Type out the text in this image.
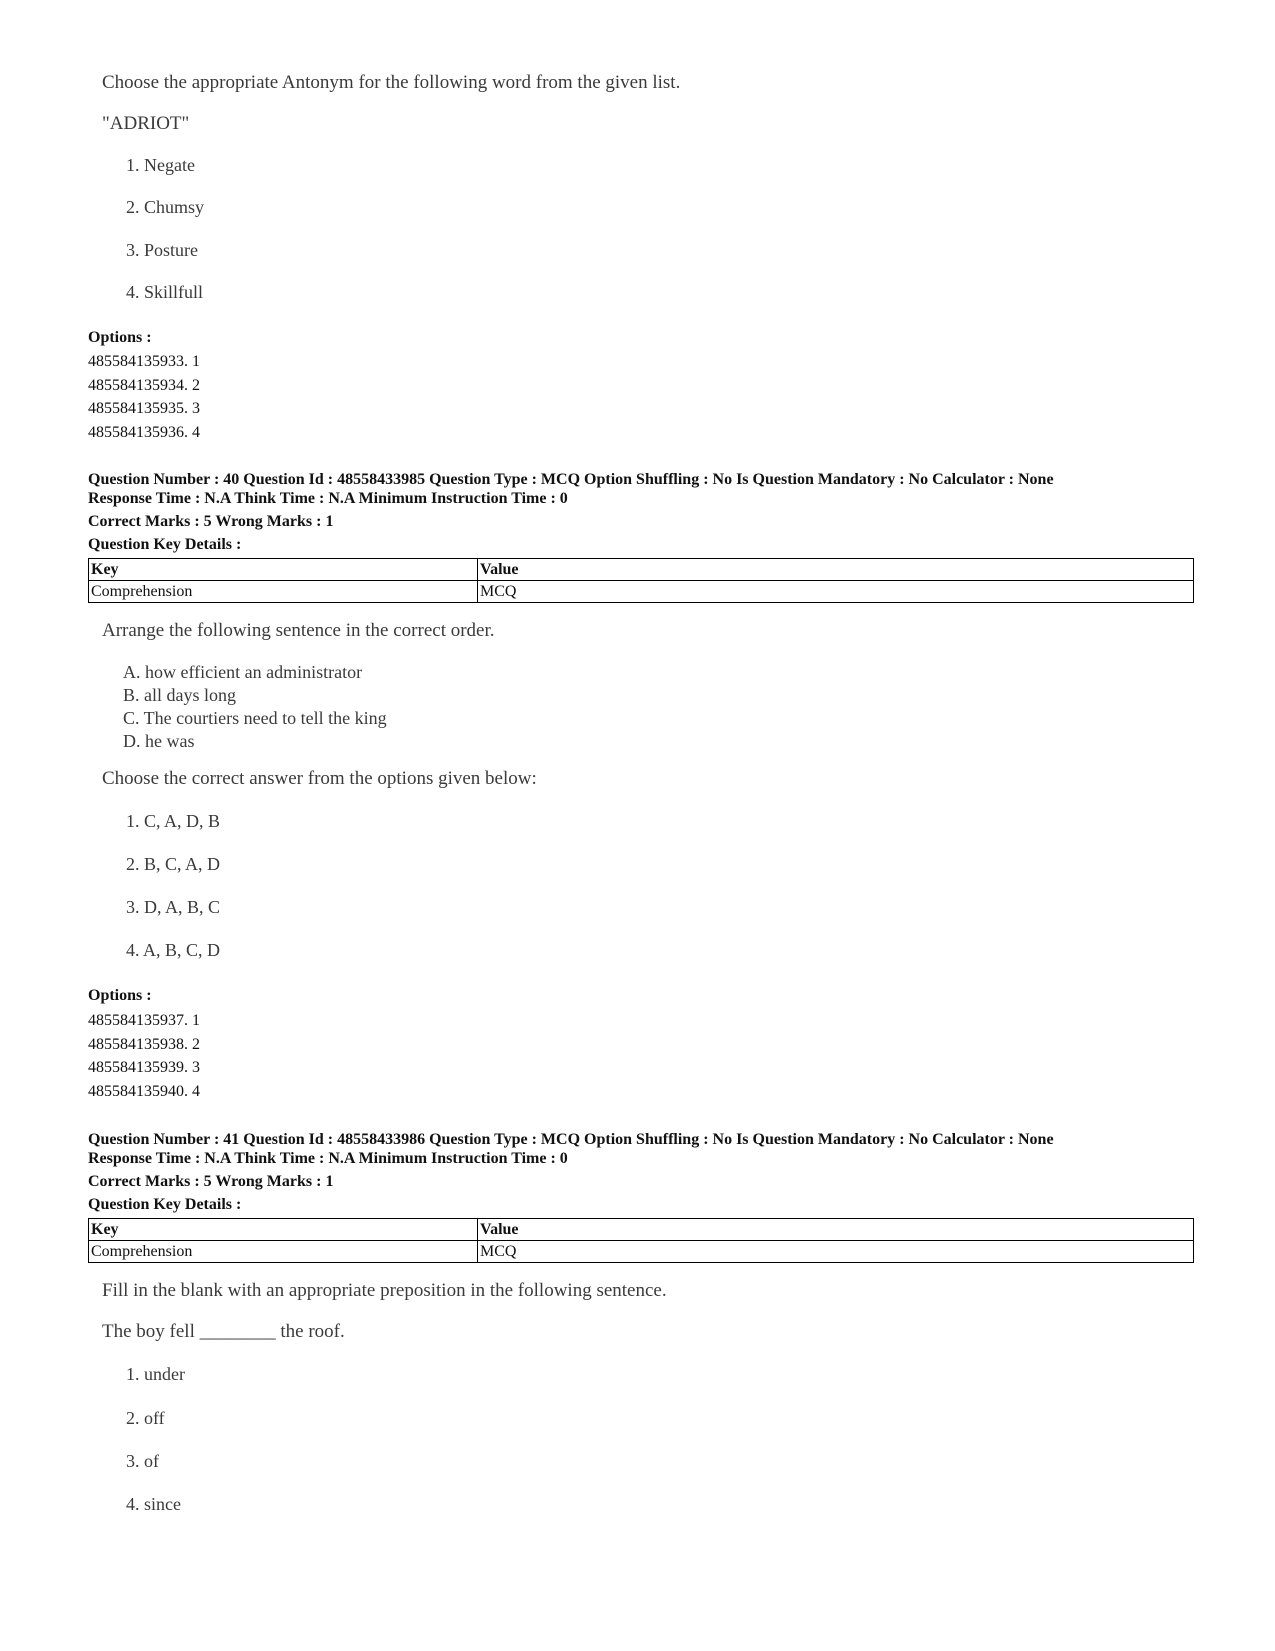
Choose the appropriate Antonym for the following word from the given list.
"ADRIOT"
1. Negate
2. Chumsy
3. Posture
4. Skillfull
Options :
485584135933. 1
485584135934. 2
485584135935. 3
485584135936. 4
Question Number : 40 Question Id : 48558433985 Question Type : MCQ Option Shuffling : No Is Question Mandatory : No Calculator : None
Response Time : N.A Think Time : N.A Minimum Instruction Time : 0
Correct Marks : 5 Wrong Marks : 1
Question Key Details :
Key	Value
Comprehension	MCQ
Arrange the following sentence in the correct order.
A. how efficient an administrator
B. all days long
C. The courtiers need to tell the king
D. he was
Choose the correct answer from the options given below:
1. C, A, D, B
2. B, C, A, D
3. D, A, B, C
4. A, B, C, D
Options :
485584135937. 1
485584135938. 2
485584135939. 3
485584135940. 4
Question Number : 41 Question Id : 48558433986 Question Type : MCQ Option Shuffling : No Is Question Mandatory : No Calculator : None
Response Time : N.A Think Time : N.A Minimum Instruction Time : 0
Correct Marks : 5 Wrong Marks : 1
Question Key Details :
Key	Value
Comprehension	MCQ
Fill in the blank with an appropriate preposition in the following sentence.
The boy fell ________ the roof.
1. under
2. off
3. of
4. since
